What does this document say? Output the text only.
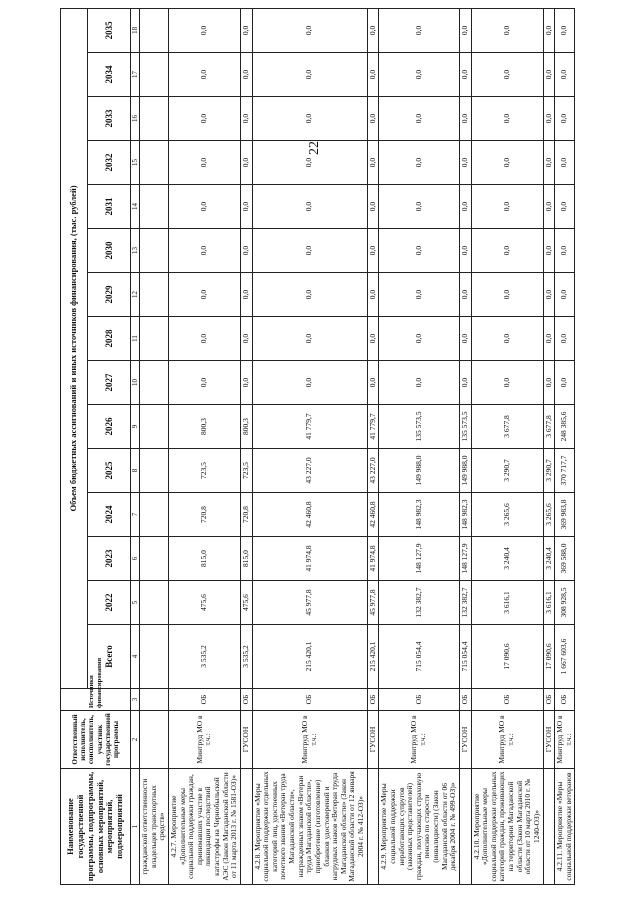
22
Наименование государственной программы, подпрограммы, основных мероприятий, мероприятий, подмероприятий	Ответственный исполнитель, соисполнитель, участник государственной программы	Источники финансирования	Объем бюджетных ассигнований и иных источников финансирования, (тыс. рублей)														
			Всего	2022	2023	2024	2025	2026	2027	2028	2029	2030	2031	2032	2033	2034	2035
1	2	3	4	5	6	7	8	9	10	11	12	13	14	15	16	17	18
гражданской ответственности владельцев транспортных средств»																	
4.2.7. Мероприятие «Дополнительные меры социальной поддержки граждан, принимавших участие в ликвидации последствий катастрофы на Чернобыльской АЭС (Закон Магаданской области от 11 марта 2013 г. № 1581-ОЗ)»	Минтруд МО в т.ч.:	ОБ	3 535,2	475,6	815,0	720,8	723,5	800,3	0,0	0,0	0,0	0,0	0,0	0,0	0,0	0,0	0,0
	ГУСОН	ОБ	3 535,2	475,6	815,0	720,8	723,5	800,3	0,0	0,0	0,0	0,0	0,0	0,0	0,0	0,0	0,0
4.2.8. Мероприятие «Меры социальной поддержки отдельных категорий лиц, удостоенных почетного звания «Ветеран труда Магаданской области», награжденных знаком «Ветеран труда Магаданской области», приобретение (изготовление) бланков удостоверений и нагрудных знаков «Ветеран труда Магаданской области» (Закон Магаданской области от 12 января 2004 г. № 412-ОЗ)»	Минтруд МО в т.ч.:	ОБ	215 420,1	45 977,8	41 974,8	42 460,8	43 227,0	41 779,7	0,0	0,0	0,0	0,0	0,0	0,0	0,0	0,0	0,0
	ГУСОН	ОБ	215 420,1	45 977,8	41 974,8	42 460,8	43 227,0	41 779,7	0,0	0,0	0,0	0,0	0,0	0,0	0,0	0,0	0,0
4.2.9. Мероприятие «Меры социальной поддержки неработающих супругов (законных представителей) граждан, получающих страховую пенсию по старости (инвалидности) (Закон Магаданской области от 06 декабря 2004 г. № 499-ОЗ)»	Минтруд МО в т.ч.:	ОБ	715 054,4	132 382,7	148 127,9	148 982,3	149 988,0	135 573,5	0,0	0,0	0,0	0,0	0,0	0,0	0,0	0,0	0,0
	ГУСОН	ОБ	715 054,4	132 382,7	148 127,9	148 982,3	149 988,0	135 573,5	0,0	0,0	0,0	0,0	0,0	0,0	0,0	0,0	0,0
4.2.10. Мероприятие «Дополнительные меры социальной поддержки отдельных категорий граждан, проживающих на территории Магаданской области (Закон Магаданской области от 10 марта 2010 г. № 1240-ОЗ)»	Минтруд МО в т.ч.:	ОБ	17 090,6	3 616,1	3 240,4	3 265,6	3 290,7	3 677,8	0,0	0,0	0,0	0,0	0,0	0,0	0,0	0,0	0,0
	ГУСОН	ОБ	17 090,6	3 616,1	3 240,4	3 265,6	3 290,7	3 677,8	0,0	0,0	0,0	0,0	0,0	0,0	0,0	0,0	0,0
4.2.11. Мероприятие «Меры социальной поддержки ветеранов	Минтруд МО в т.ч.:	ОБ	1 667 603,6	308 928,5	369 588,0	369 983,8	370 717,7	248 385,6	0,0	0,0	0,0	0,0	0,0	0,0	0,0	0,0	0,0
